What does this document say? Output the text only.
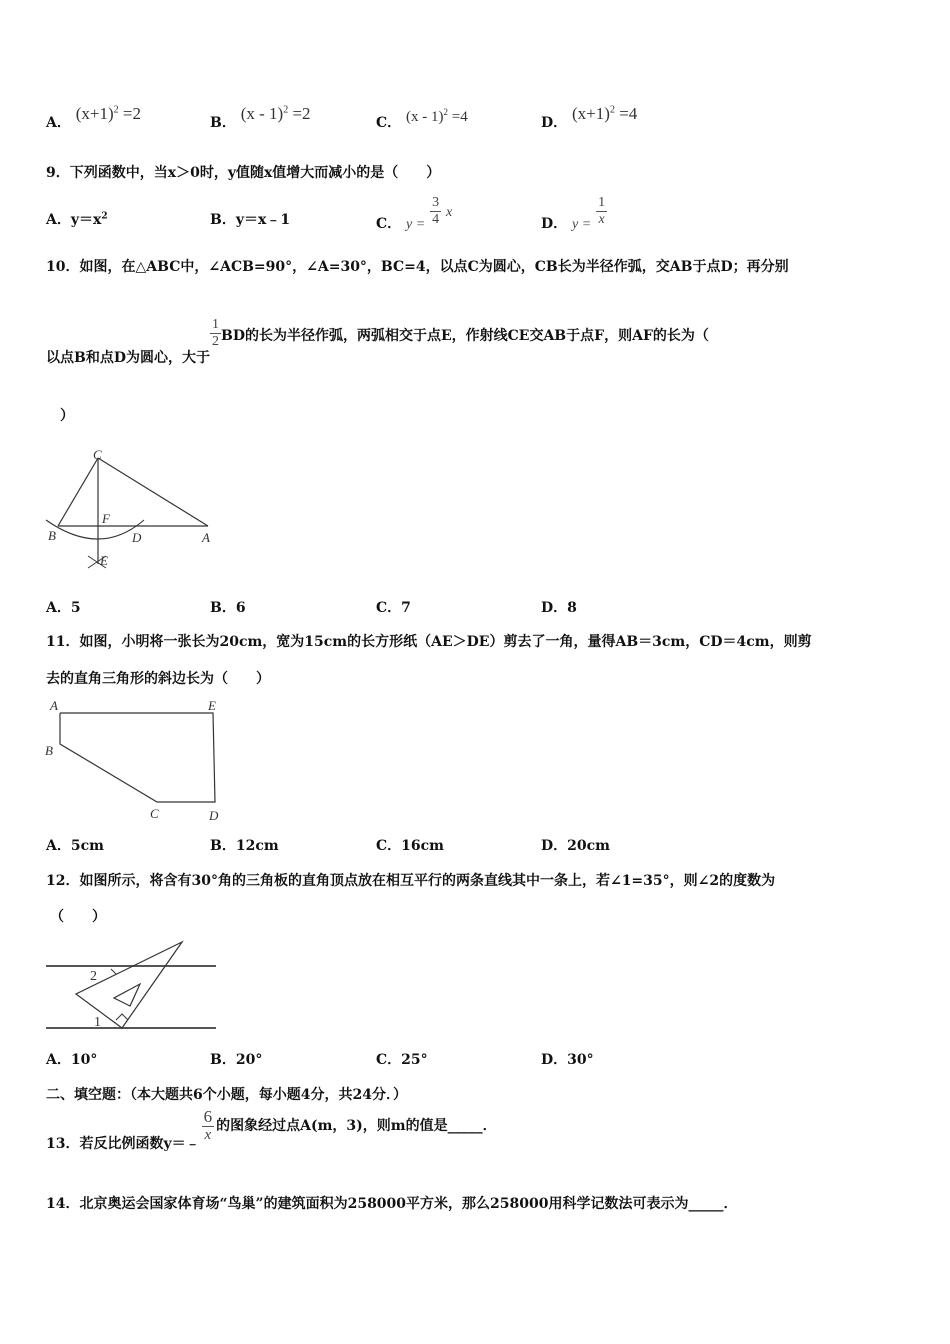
A． $(x+1)^2 =2$	B． (x - 1)$^2$ =2	C． (x - 1)$^2$ =4	D． $(x+1)^2 =4$
9．下列函数中，当x＞0时，y值随x值增大而减小的是（　　）
A．$y=x^2$	B．y＝x﹣1	C． $y = \frac{3}{4}$ x
D． $y = \frac{1}{x}$
10．如图，在△ABC中，∠ACB=90°，∠A=30°，BC=4，以点C为圆心，CB长为半径作弧，交AB于点D；再分别
以点B和点D为圆心，大于
$\frac{1}{2}$ BD的长为半径作弧，两弧相交于点E，作射线CE交AB于点F，则AF的长为（
）
C
F
B	D	A
E
A．5	B．6	C．7	D．8
11．如图，小明将一张长为20cm，宽为15cm的长方形纸（AE＞DE）剪去了一角，量得AB＝3cm，CD＝4cm，则剪
去的直角三角形的斜边长为（　　）
A	E
B
C	D
A．5cm	B．12cm	C．16cm	D．20cm
12．如图所示，将含有30°角的三角板的直角顶点放在相互平行的两条直线其中一条上，若∠1=35°，则∠2的度数为
（　　）
2
1
A．10°	B．20°	C．25°	D．30°
二、填空题：（本大题共6个小题，每小题4分，共24分．）
13．若反比例函数y＝﹣
$\frac{6}{x}$ 的图象经过点A(m，3)，则m的值是_____．
14．北京奥运会国家体育场“鸟巢”的建筑面积为258000平方米，那么258000用科学记数法可表示为_____．
